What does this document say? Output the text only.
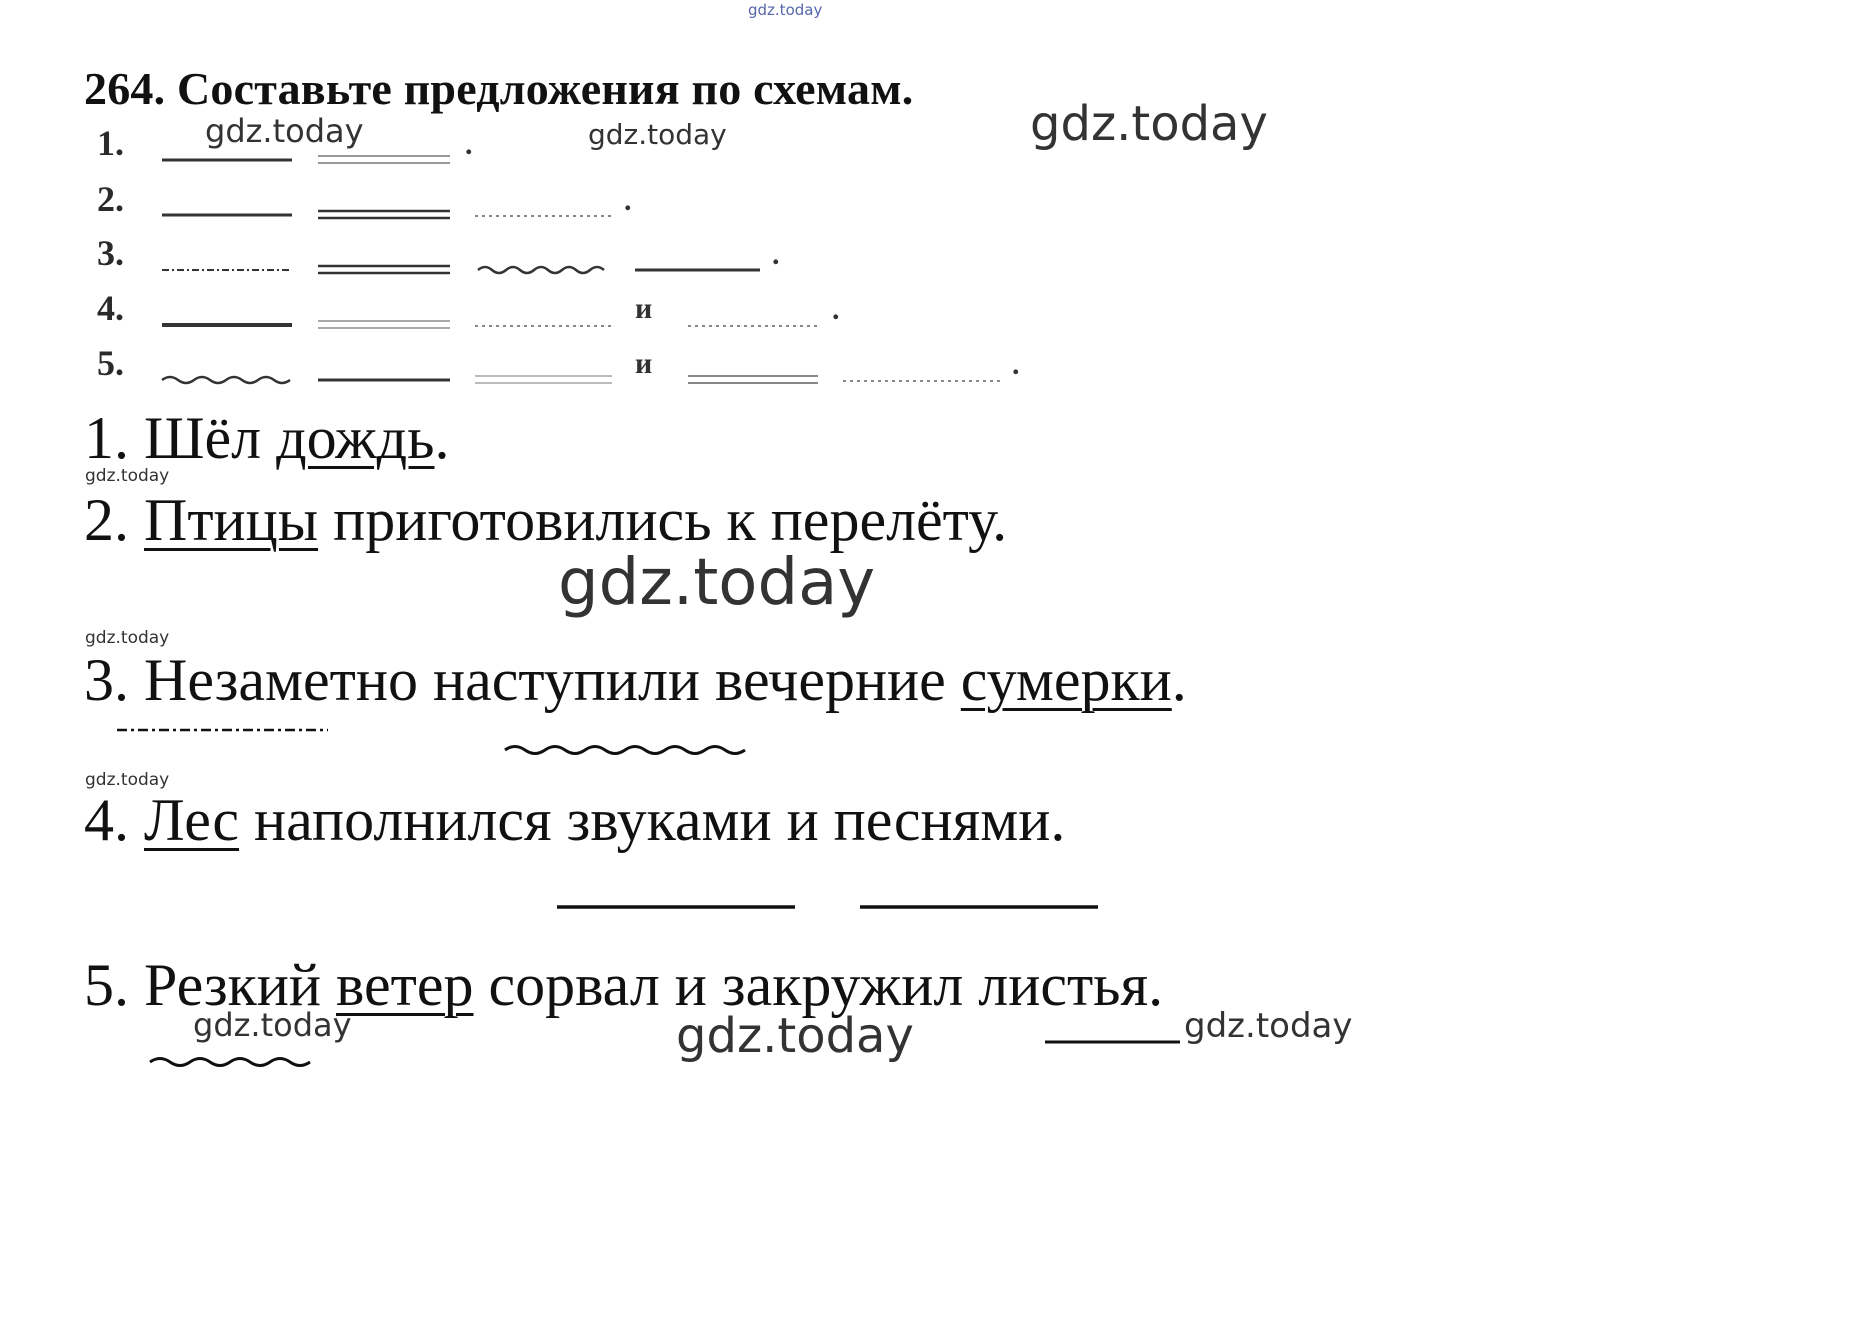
gdz.today
gdz.today	gdz.today	gdz.today
gdz.today
gdz.today
gdz.today
gdz.today
gdz.today	gdz.today	gdz.today
264. Составьте предложения по схемам.
1.
2.
3.
4.
5.
и
и
.
.
.
.
.
1. Шёл дождь.
2. Птицы приготовились к перелёту.
3. Незаметно наступили вечерние сумерки.
4. Лес наполнился звуками и песнями.
5. Резкий ветер сорвал и закружил листья.
